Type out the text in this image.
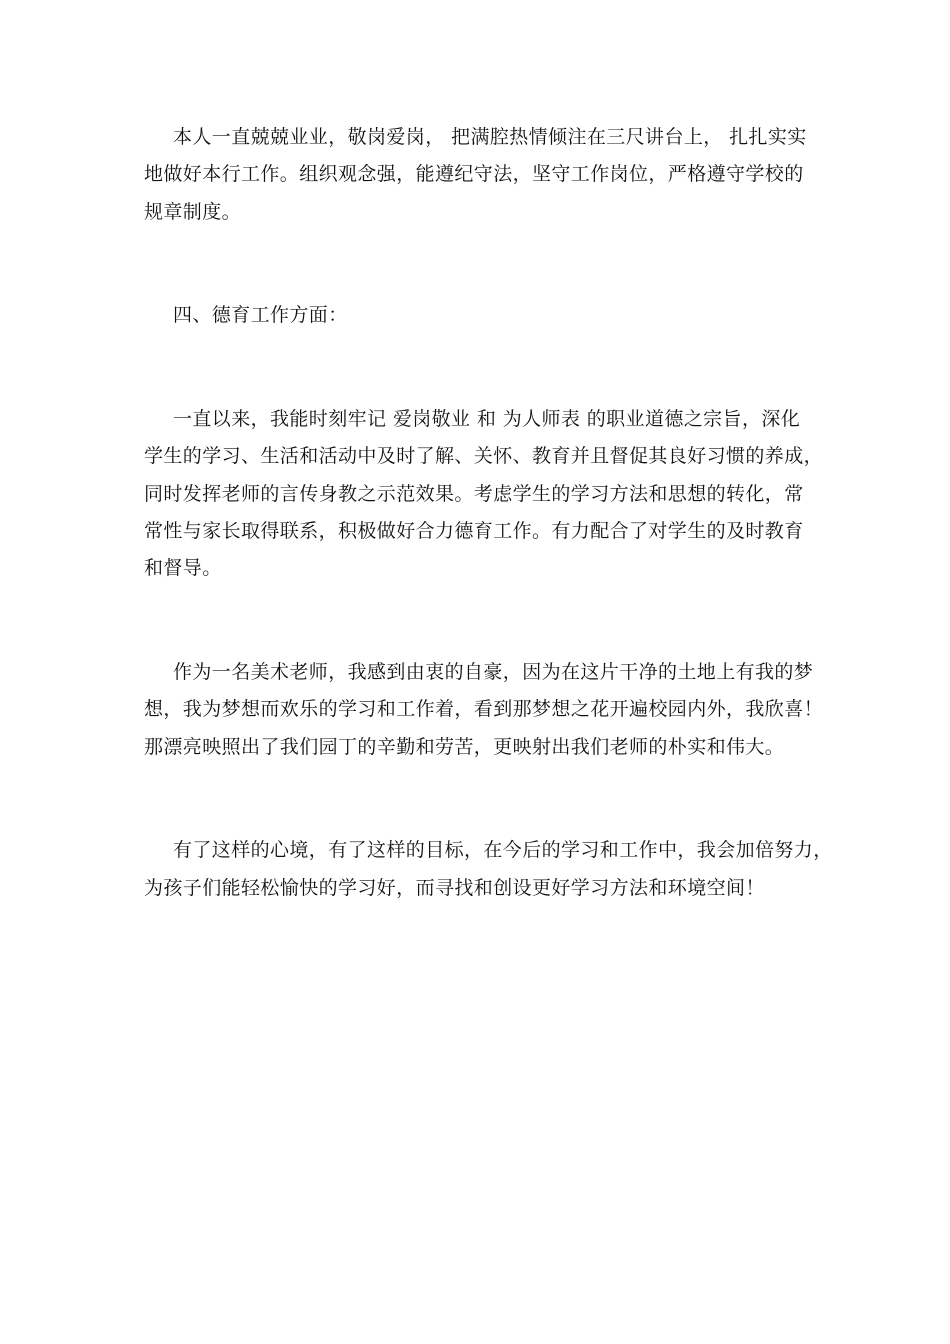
本人一直兢兢业业，敬岗爱岗， 把满腔热情倾注在三尺讲台上， 扎扎实实

地做好本行工作。组织观念强，能遵纪守法，坚守工作岗位，严格遵守学校的

规章制度。

四、德育工作方面：

一直以来，我能时刻牢记 爱岗敬业 和 为人师表 的职业道德之宗旨，深化

学生的学习、生活和活动中及时了解、关怀、教育并且督促其良好习惯的养成，

同时发挥老师的言传身教之示范效果。考虑学生的学习方法和思想的转化，常

常性与家长取得联系，积极做好合力德育工作。有力配合了对学生的及时教育

和督导。

作为一名美术老师，我感到由衷的自豪，因为在这片干净的土地上有我的梦

想，我为梦想而欢乐的学习和工作着，看到那梦想之花开遍校园内外，我欣喜！

那漂亮映照出了我们园丁的辛勤和劳苦，更映射出我们老师的朴实和伟大。

有了这样的心境，有了这样的目标，在今后的学习和工作中，我会加倍努力，

为孩子们能轻松愉快的学习好，而寻找和创设更好学习方法和环境空间！
